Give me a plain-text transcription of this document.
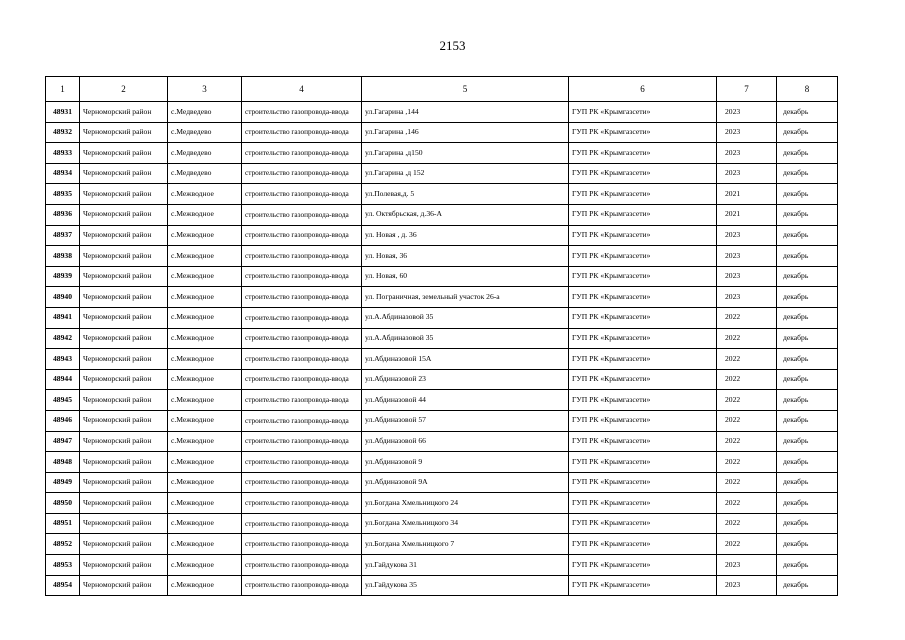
2153
1	2	3	4	5	6	7	8
48931	Черноморский район	с.Медведево	строительство газопровода-ввода	ул.Гагарина ,144	ГУП РК «Крымгазсети»	2023	декабрь
48932	Черноморский район	с.Медведево	строительство газопровода-ввода	ул.Гагарина ,146	ГУП РК «Крымгазсети»	2023	декабрь
48933	Черноморский район	с.Медведево	строительство газопровода-ввода	ул.Гагарина ,д150	ГУП РК «Крымгазсети»	2023	декабрь
48934	Черноморский район	с.Медведево	строительство газопровода-ввода	ул.Гагарина ,д 152	ГУП РК «Крымгазсети»	2023	декабрь
48935	Черноморский район	с.Межводное	строительство газопровода-ввода	ул.Полевая,д. 5	ГУП РК «Крымгазсети»	2021	декабрь
48936	Черноморский район	с.Межводное	строительство газопровода-ввода	ул. Октябрьская, д.36-А	ГУП РК «Крымгазсети»	2021	декабрь
48937	Черноморский район	с.Межводное	строительство газопровода-ввода	ул. Новая , д. 36	ГУП РК «Крымгазсети»	2023	декабрь
48938	Черноморский район	с.Межводное	строительство газопровода-ввода	ул. Новая, 36	ГУП РК «Крымгазсети»	2023	декабрь
48939	Черноморский район	с.Межводное	строительство газопровода-ввода	ул. Новая, 60	ГУП РК «Крымгазсети»	2023	декабрь
48940	Черноморский район	с.Межводное	строительство газопровода-ввода	ул. Пограничная, земельный участок 26-а	ГУП РК «Крымгазсети»	2023	декабрь
48941	Черноморский район	с.Межводное	строительство газопровода-ввода	ул.А.Абдиназовой 35	ГУП РК «Крымгазсети»	2022	декабрь
48942	Черноморский район	с.Межводное	строительство газопровода-ввода	ул.А.Абдиназовой 35	ГУП РК «Крымгазсети»	2022	декабрь
48943	Черноморский район	с.Межводное	строительство газопровода-ввода	ул.Абдиназовой 15А	ГУП РК «Крымгазсети»	2022	декабрь
48944	Черноморский район	с.Межводное	строительство газопровода-ввода	ул.Абдиназовой 23	ГУП РК «Крымгазсети»	2022	декабрь
48945	Черноморский район	с.Межводное	строительство газопровода-ввода	ул.Абдиназовой 44	ГУП РК «Крымгазсети»	2022	декабрь
48946	Черноморский район	с.Межводное	строительство газопровода-ввода	ул.Абдиназовой 57	ГУП РК «Крымгазсети»	2022	декабрь
48947	Черноморский район	с.Межводное	строительство газопровода-ввода	ул.Абдиназовой 66	ГУП РК «Крымгазсети»	2022	декабрь
48948	Черноморский район	с.Межводное	строительство газопровода-ввода	ул.Абдиназовой 9	ГУП РК «Крымгазсети»	2022	декабрь
48949	Черноморский район	с.Межводное	строительство газопровода-ввода	ул.Абдиназовой 9А	ГУП РК «Крымгазсети»	2022	декабрь
48950	Черноморский район	с.Межводное	строительство газопровода-ввода	ул.Богдана Хмельницкого 24	ГУП РК «Крымгазсети»	2022	декабрь
48951	Черноморский район	с.Межводное	строительство газопровода-ввода	ул.Богдана Хмельницкого 34	ГУП РК «Крымгазсети»	2022	декабрь
48952	Черноморский район	с.Межводное	строительство газопровода-ввода	ул.Богдана Хмельницкого 7	ГУП РК «Крымгазсети»	2022	декабрь
48953	Черноморский район	с.Межводное	строительство газопровода-ввода	ул.Гайдукова 31	ГУП РК «Крымгазсети»	2023	декабрь
48954	Черноморский район	с.Межводное	строительство газопровода-ввода	ул.Гайдукова 35	ГУП РК «Крымгазсети»	2023	декабрь
